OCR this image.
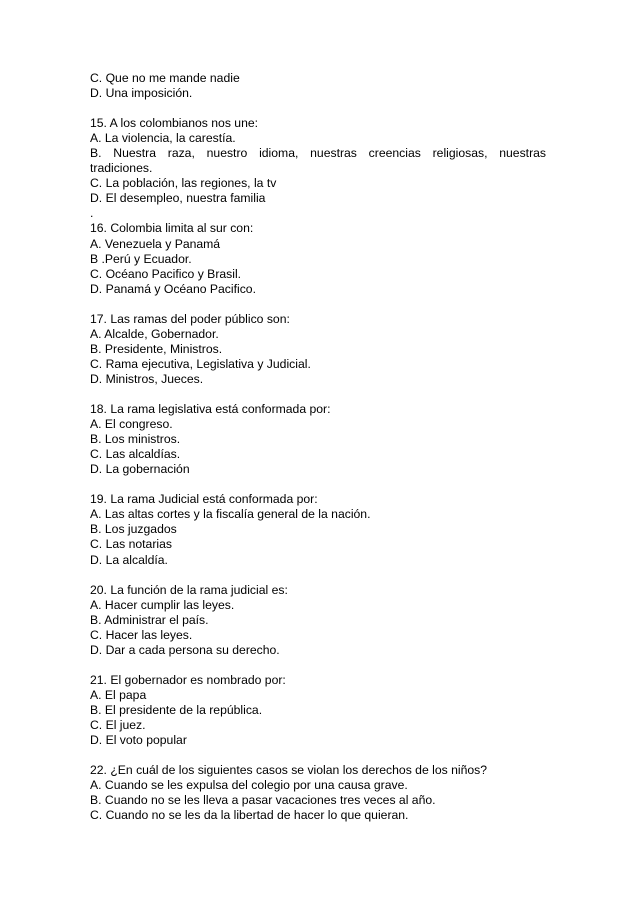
C. Que no me mande nadie
D. Una imposición.
15. A los colombianos nos une:
A. La violencia, la carestía.
B. Nuestra raza, nuestro idioma, nuestras creencias religiosas, nuestras
tradiciones.
C. La población, las regiones, la tv
D. El desempleo, nuestra familia
.
16. Colombia limita al sur con:
A. Venezuela y Panamá
B .Perú y Ecuador.
C. Océano Pacifico y Brasil.
D. Panamá y Océano Pacifico.
17. Las ramas del poder público son:
A. Alcalde, Gobernador.
B. Presidente, Ministros.
C. Rama ejecutiva, Legislativa y Judicial.
D. Ministros, Jueces.
18. La rama legislativa está conformada por:
A. El congreso.
B. Los ministros.
C. Las alcaldías.
D. La gobernación
19. La rama Judicial está conformada por:
A. Las altas cortes y la fiscalía general de la nación.
B. Los juzgados
C. Las notarias
D. La alcaldía.
20. La función de la rama judicial es:
A. Hacer cumplir las leyes.
B. Administrar el país.
C. Hacer las leyes.
D. Dar a cada persona su derecho.
21. El gobernador es nombrado por:
A. El papa
B. El presidente de la república.
C. El juez.
D. El voto popular
22. ¿En cuál de los siguientes casos se violan los derechos de los niños?
A. Cuando se les expulsa del colegio por una causa grave.
B. Cuando no se les lleva a pasar vacaciones tres veces al año.
C. Cuando no se les da la libertad de hacer lo que quieran.
